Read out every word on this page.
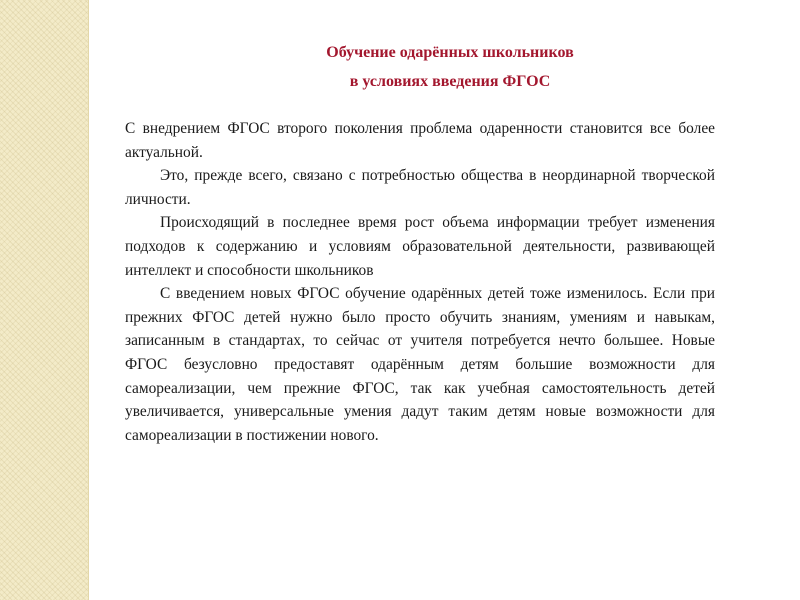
Обучение одарённых школьников
в условиях введения ФГОС

С внедрением ФГОС второго поколения проблема одаренности становится все более актуальной.

Это, прежде всего, связано с потребностью общества в неординарной творческой личности.

Происходящий в последнее время рост объема информации требует изменения подходов к содержанию и условиям образовательной деятельности, развивающей интеллект и способности школьников

С введением новых ФГОС обучение одарённых детей тоже изменилось. Если при прежних ФГОС детей нужно было просто обучить знаниям, умениям и навыкам, записанным в стандартах, то сейчас от учителя потребуется нечто большее. Новые ФГОС безусловно предоставят одарённым детям большие возможности для самореализации, чем прежние ФГОС, так как учебная самостоятельность детей увеличивается, универсальные умения дадут таким детям новые возможности для самореализации в постижении нового.
